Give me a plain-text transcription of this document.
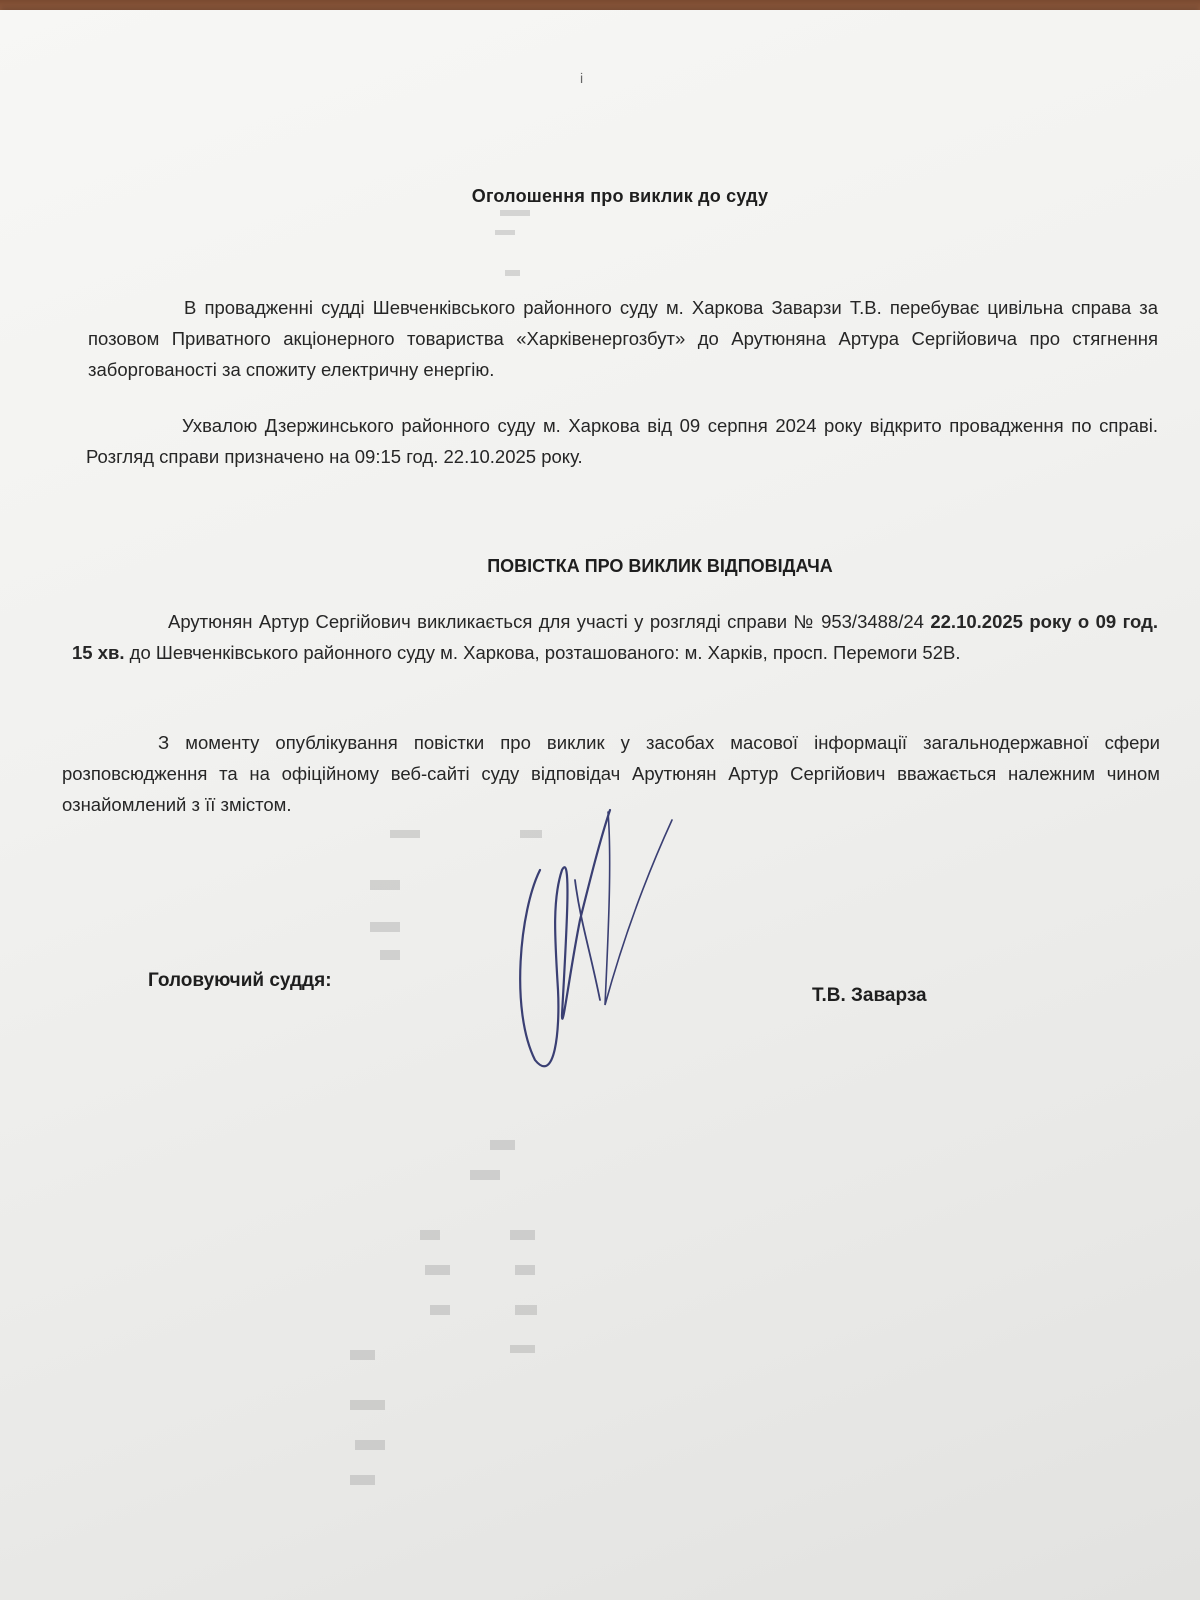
і
Оголошення про виклик до суду
В провадженні судді Шевченківського районного суду м. Харкова Заварзи Т.В. перебуває цивільна справа за позовом Приватного акціонерного товариства «Харківенергозбут» до Арутюняна Артура Сергійовича про стягнення заборгованості за спожиту електричну енергію.
Ухвалою Дзержинського районного суду м. Харкова від 09 серпня 2024 року відкрито провадження по справі. Розгляд справи призначено на 09:15 год. 22.10.2025 року.
ПОВІСТКА ПРО ВИКЛИК ВІДПОВІДАЧА
Арутюнян Артур Сергійович викликається для участі у розгляді справи № 953/3488/24 22.10.2025 року о 09 год. 15 хв. до Шевченківського районного суду м. Харкова, розташованого: м. Харків, просп. Перемоги 52В.
З моменту опублікування повістки про виклик у засобах масової інформації загальнодержавної сфери розповсюдження та на офіційному веб-сайті суду відповідач Арутюнян Артур Сергійович вважається належним чином ознайомлений з її змістом.
Головуючий суддя:
Т.В. Заварза
